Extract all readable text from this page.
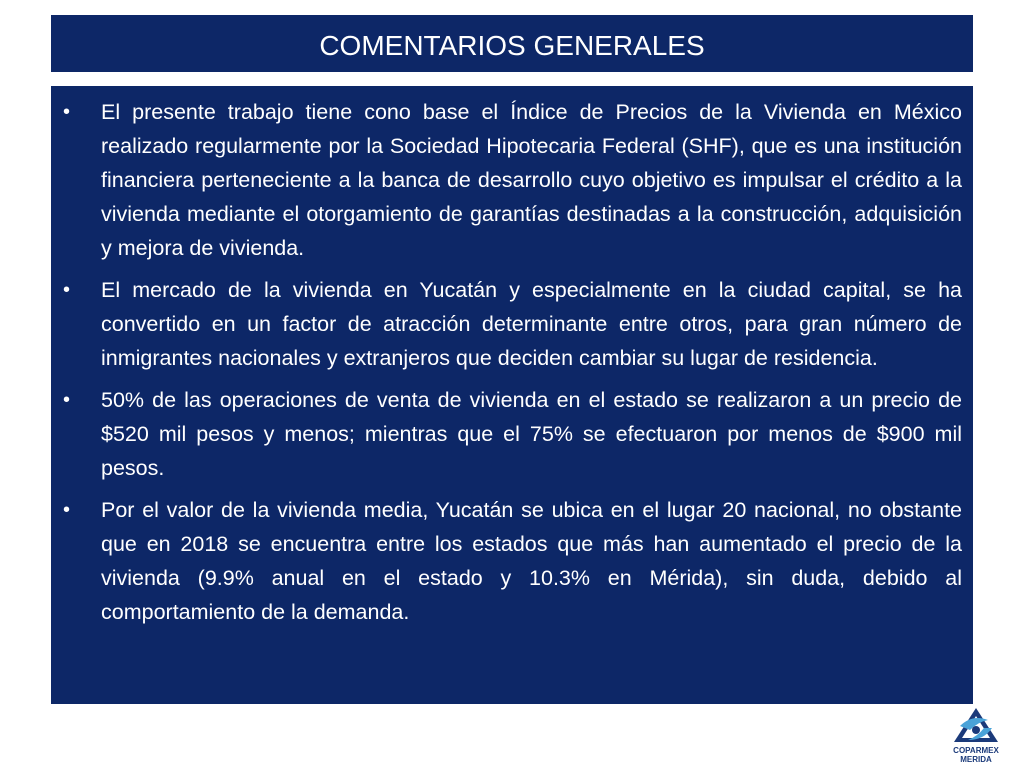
COMENTARIOS GENERALES
•	El presente trabajo tiene cono base el Índice de Precios de la Vivienda en México realizado regularmente por la Sociedad Hipotecaria Federal (SHF), que es una institución financiera perteneciente a la banca de desarrollo cuyo objetivo es impulsar el crédito a la vivienda mediante el otorgamiento de garantías destinadas a la construcción, adquisición y mejora de vivienda.
•	El mercado de la vivienda en Yucatán y especialmente en la ciudad capital, se ha convertido en un factor de atracción determinante entre otros, para gran número de inmigrantes nacionales y extranjeros que deciden cambiar su lugar de residencia.
•	50% de las operaciones de venta de vivienda en el estado se realizaron a un precio de $520 mil pesos y menos; mientras que el 75% se efectuaron por menos de $900 mil pesos.
•	Por el valor de la vivienda media, Yucatán se ubica en el lugar 20 nacional, no obstante que en 2018 se encuentra entre los estados que más han aumentado el precio de la vivienda (9.9% anual en el estado y 10.3% en Mérida), sin duda, debido al comportamiento de la demanda.
COPARMEX
MERIDA
